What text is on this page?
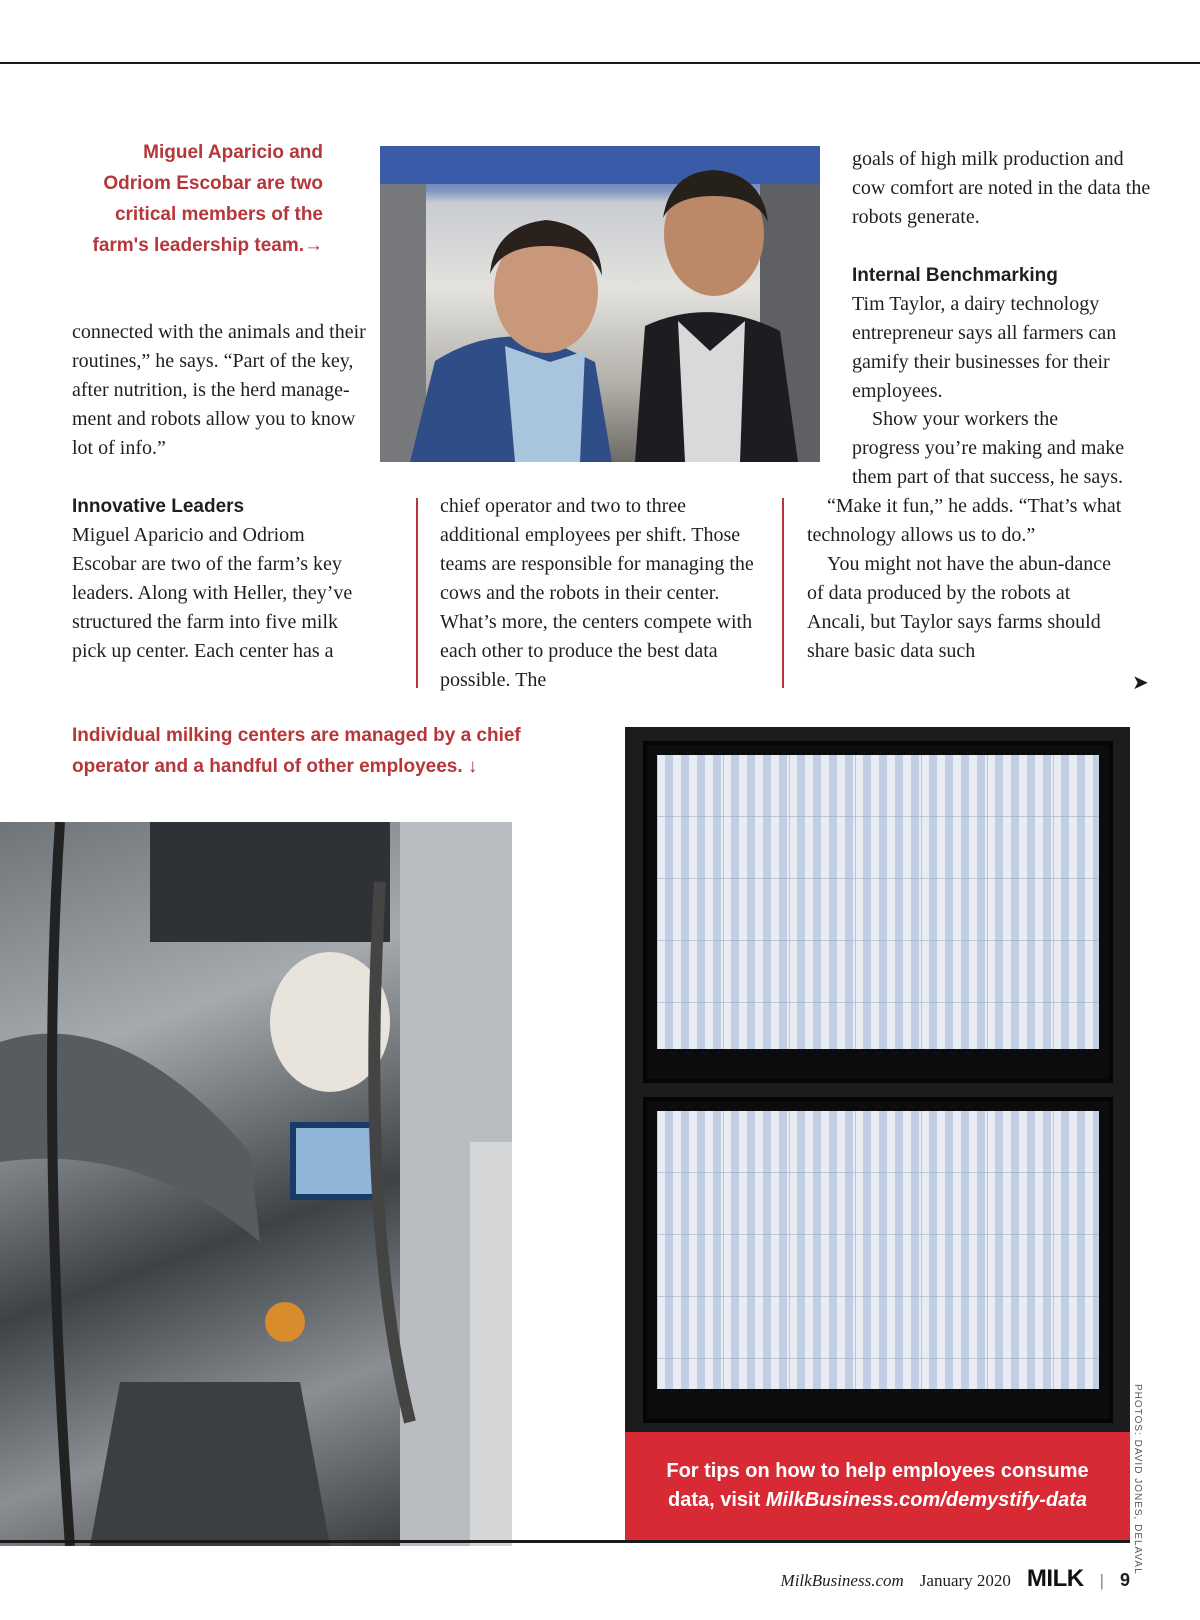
Miguel Aparicio and Odriom Escobar are two critical members of the farm's leadership team.→

connected with the animals and their routines,” he says. “Part of the key, after nutrition, is the herd manage-ment and robots allow you to know lot of info.”

Innovative Leaders

Miguel Aparicio and Odriom Escobar are two of the farm’s key leaders. Along with Heller, they’ve structured the farm into five milk pick up center. Each center has a

chief operator and two to three additional employees per shift. Those teams are responsible for managing the cows and the robots in their center. What’s more, the centers compete with each other to produce the best data possible. The

goals of high milk production and cow comfort are noted in the data the robots generate.

Internal Benchmarking

Tim Taylor, a dairy technology entrepreneur says all farmers can gamify their businesses for their employees.

Show your workers the progress you’re making and make them part of that success, he says.

“Make it fun,” he adds. “That’s what technology allows us to do.”

You might not have the abun-dance of data produced by the robots at Ancali, but Taylor says farms should share basic data such

➤
Individual milking centers are managed by a chief operator and a handful of other employees. ↓
For tips on how to help employees consume
data, visit MilkBusiness.com/demystify-data	PHOTOS: DAVID JONES, DELAVAL
MilkBusiness.com January 2020 MILK | 9
